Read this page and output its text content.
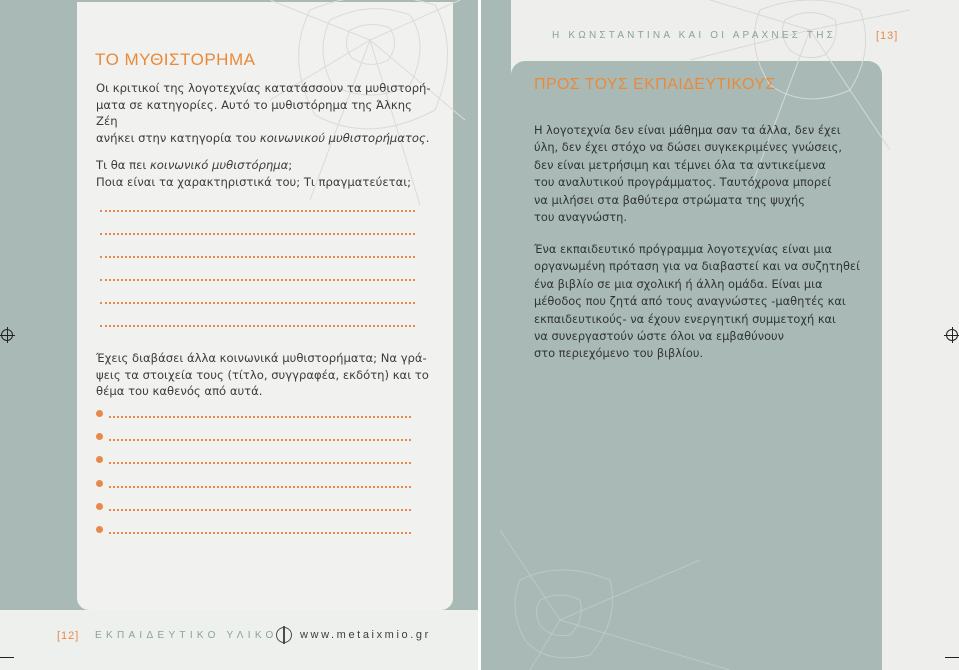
ΤΟ ΜΥΘΙΣΤΟΡΗΜΑ
Οι κριτικοί της λογοτεχνίας κατατάσσουν τα μυθιστορή-
ματα σε κατηγορίες. Αυτό το μυθιστόρημα της Άλκης Ζέη
ανήκει στην κατηγορία του κοινωνικού μυθιστορήματος.
Τι θα πει κοινωνικό μυθιστόρημα;
Ποια είναι τα χαρακτηριστικά του; Τι πραγματεύεται;
Έχεις διαβάσει άλλα κοινωνικά μυθιστορήματα; Να γρά-
ψεις τα στοιχεία τους (τίτλο, συγγραφέα, εκδότη) και το
θέμα του καθενός από αυτά.
[12] ΕΚΠΑΙΔΕΥΤΙΚΟ ΥΛΙΚΟ www.metaixmio.gr
Η ΚΩΝΣΤΑΝΤΙΝΑ ΚΑΙ ΟΙ ΑΡΑΧΝΕΣ ΤΗΣ	[13]
ΠΡΟΣ ΤΟΥΣ ΕΚΠΑΙΔΕΥΤΙΚΟΥΣ
Η λογοτεχνία δεν είναι μάθημα σαν τα άλλα, δεν έχει
ύλη, δεν έχει στόχο να δώσει συγκεκριμένες γνώσεις,
δεν είναι μετρήσιμη και τέμνει όλα τα αντικείμενα
του αναλυτικού προγράμματος. Ταυτόχρονα μπορεί
να μιλήσει στα βαθύτερα στρώματα της ψυχής
του αναγνώστη.
Ένα εκπαιδευτικό πρόγραμμα λογοτεχνίας είναι μια
οργανωμένη πρόταση για να διαβαστεί και να συζητηθεί
ένα βιβλίο σε μια σχολική ή άλλη ομάδα. Είναι μια
μέθοδος που ζητά από τους αναγνώστες -μαθητές και
εκπαιδευτικούς- να έχουν ενεργητική συμμετοχή και
να συνεργαστούν ώστε όλοι να εμβαθύνουν
στο περιεχόμενο του βιβλίου.
